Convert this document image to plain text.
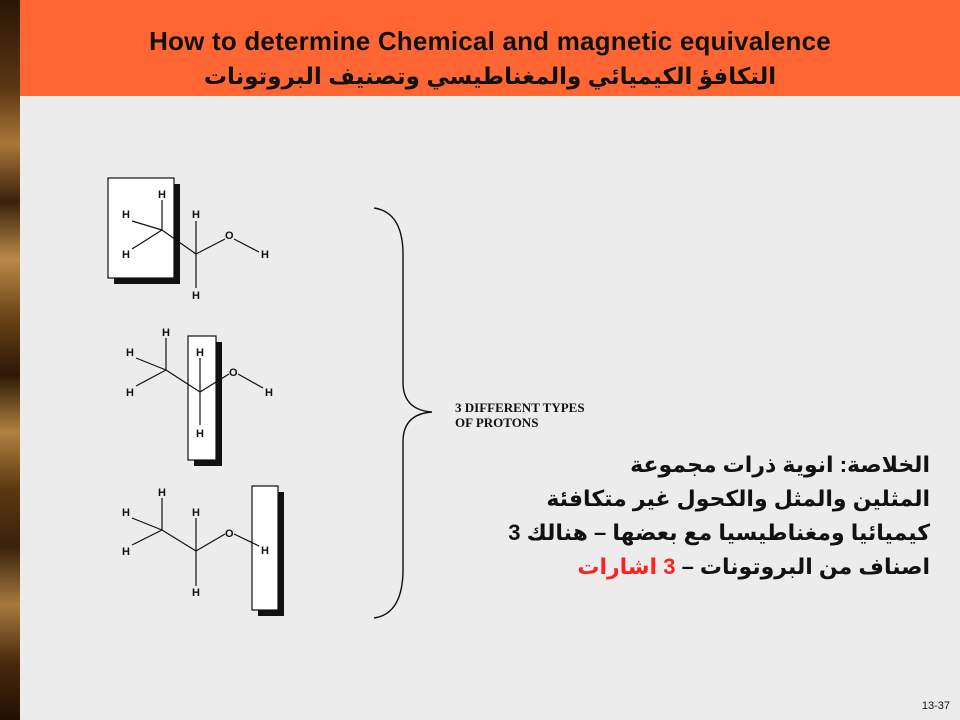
How to determine Chemical and magnetic equivalence
التكافؤ الكيميائي والمغناطيسي وتصنيف البروتونات
H
H
H
H
O
H
H
H
H
H
H
O
H
H
H
H
H
H
O
H
H
3 DIFFERENT TYPES
OF PROTONS
الخلاصة: انوية ذرات مجموعة
المثلين والمثل والكحول غير متكافئة
كيميائيا ومغناطيسيا مع بعضها – هنالك 3
اصناف من البروتونات – 3 اشارات
13-37
